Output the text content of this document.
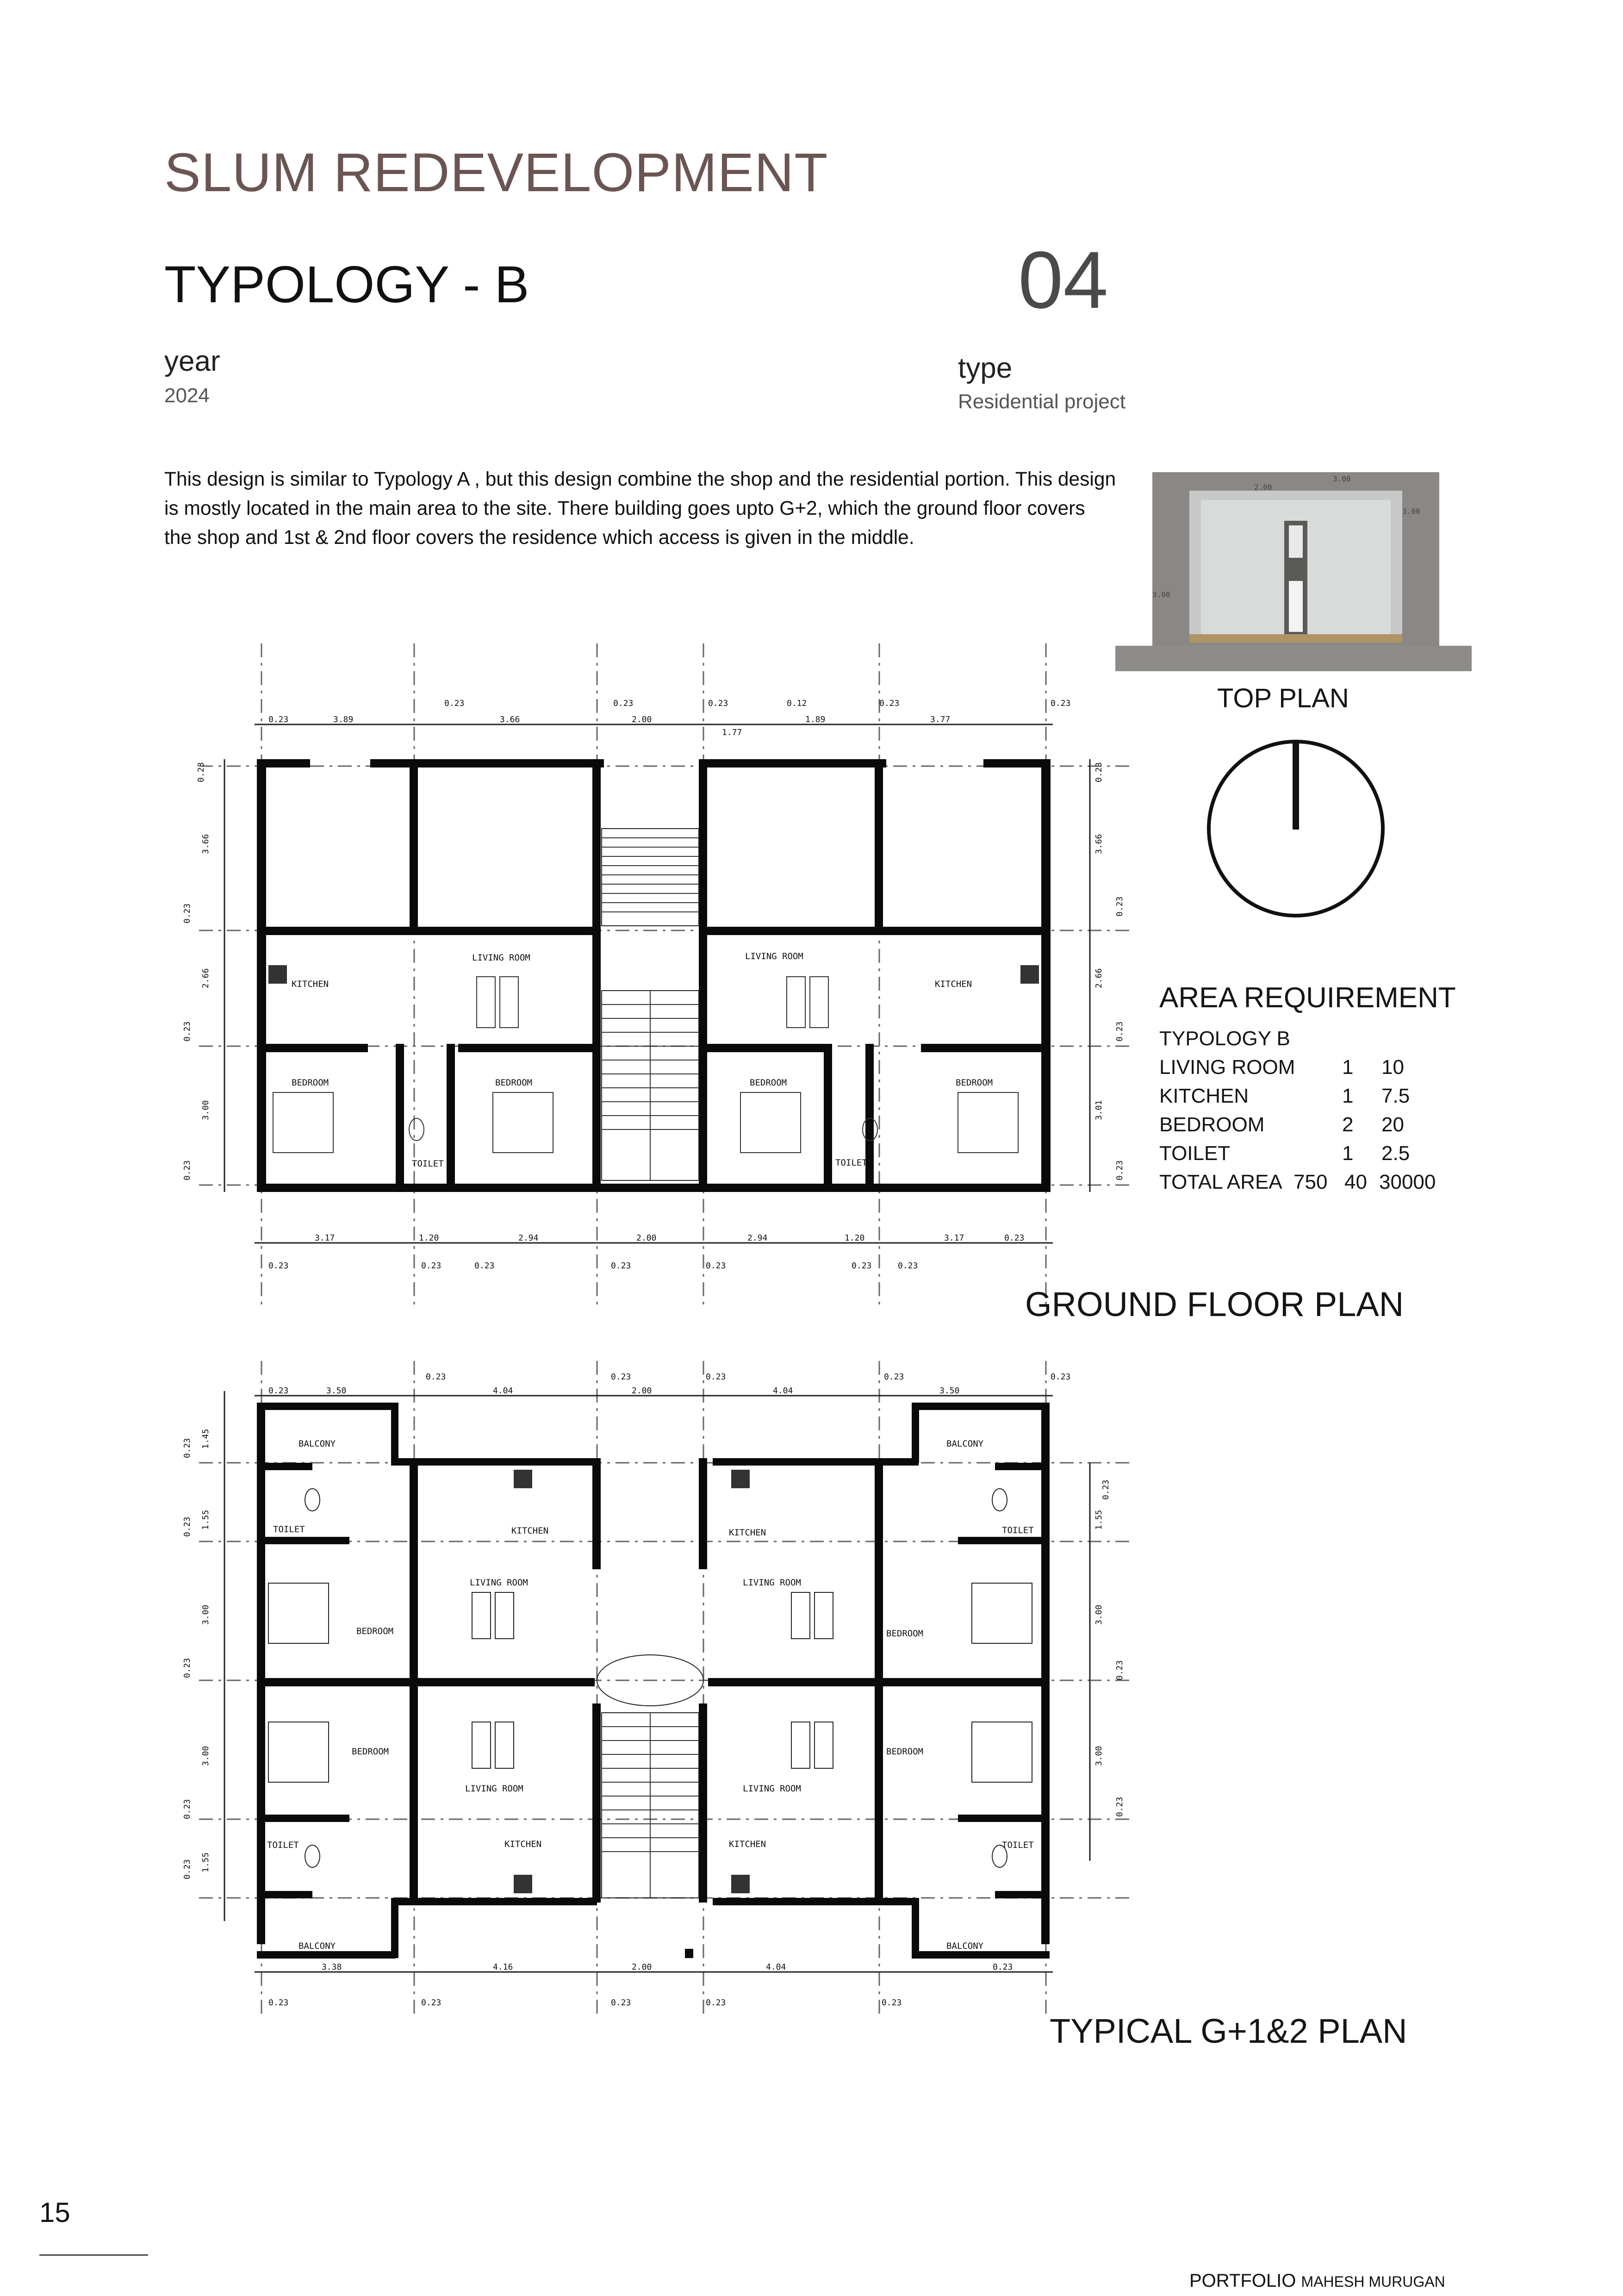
SLUM REDEVELOPMENT
TYPOLOGY - B	04
year
2024
type
Residential project
This design is similar to Typology A , but this design combine the shop and the residential portion. This design is mostly located in the main area to the site. There building goes upto G+2, which the ground floor covers the shop and 1st & 2nd floor covers the residence which access is given in the middle.
2.00
3.00
3.00
3.00
TOP PLAN
AREA REQUIREMENT
TYPOLOGY B
LIVING ROOM	1	10
KITCHEN	1	7.5
BEDROOM	2	20
TOILET	1	2.5
TOTAL AREA 750 40 30000
KITCHEN	KITCHEN
LIVING ROOM	LIVING ROOM
BEDROOM	BEDROOM	BEDROOM	BEDROOM
TOILET	TOILET
0.23	3.89
0.23
3.66
0.23
2.00
0.23
1.77
0.12
1.89
0.23
3.77
0.23
3.17	1.20	2.94	2.00	2.94	1.20	3.17	0.23
0.23	0.23	0.23	0.23	0.23	0.23	0.23
0.23
3.66
0.23
2.66
0.23
3.00
0.23
0.23
3.66
0.23
2.66
0.23
3.01
0.23
GROUND FLOOR PLAN
BALCONY	BALCONY
BALCONY	BALCONY
TOILET	TOILET
TOILET	TOILET
KITCHEN	KITCHEN
KITCHEN	KITCHEN
LIVING ROOM	LIVING ROOM
LIVING ROOM	LIVING ROOM
BEDROOM	BEDROOM
BEDROOM	BEDROOM
0.23	3.50
0.23
4.04
0.23
2.00
0.23
4.04
0.23
3.50
0.23
3.38	4.16	2.00	4.04	0.23
0.23	0.23	0.23	0.23	0.23
0.23 1.45
0.23 1.55
3.00
0.23
3.00
0.23
0.23 1.55
1.55
0.23
3.00
0.23
3.00
0.23
TYPICAL G+1&2 PLAN
15
PORTFOLIO MAHESH MURUGAN
